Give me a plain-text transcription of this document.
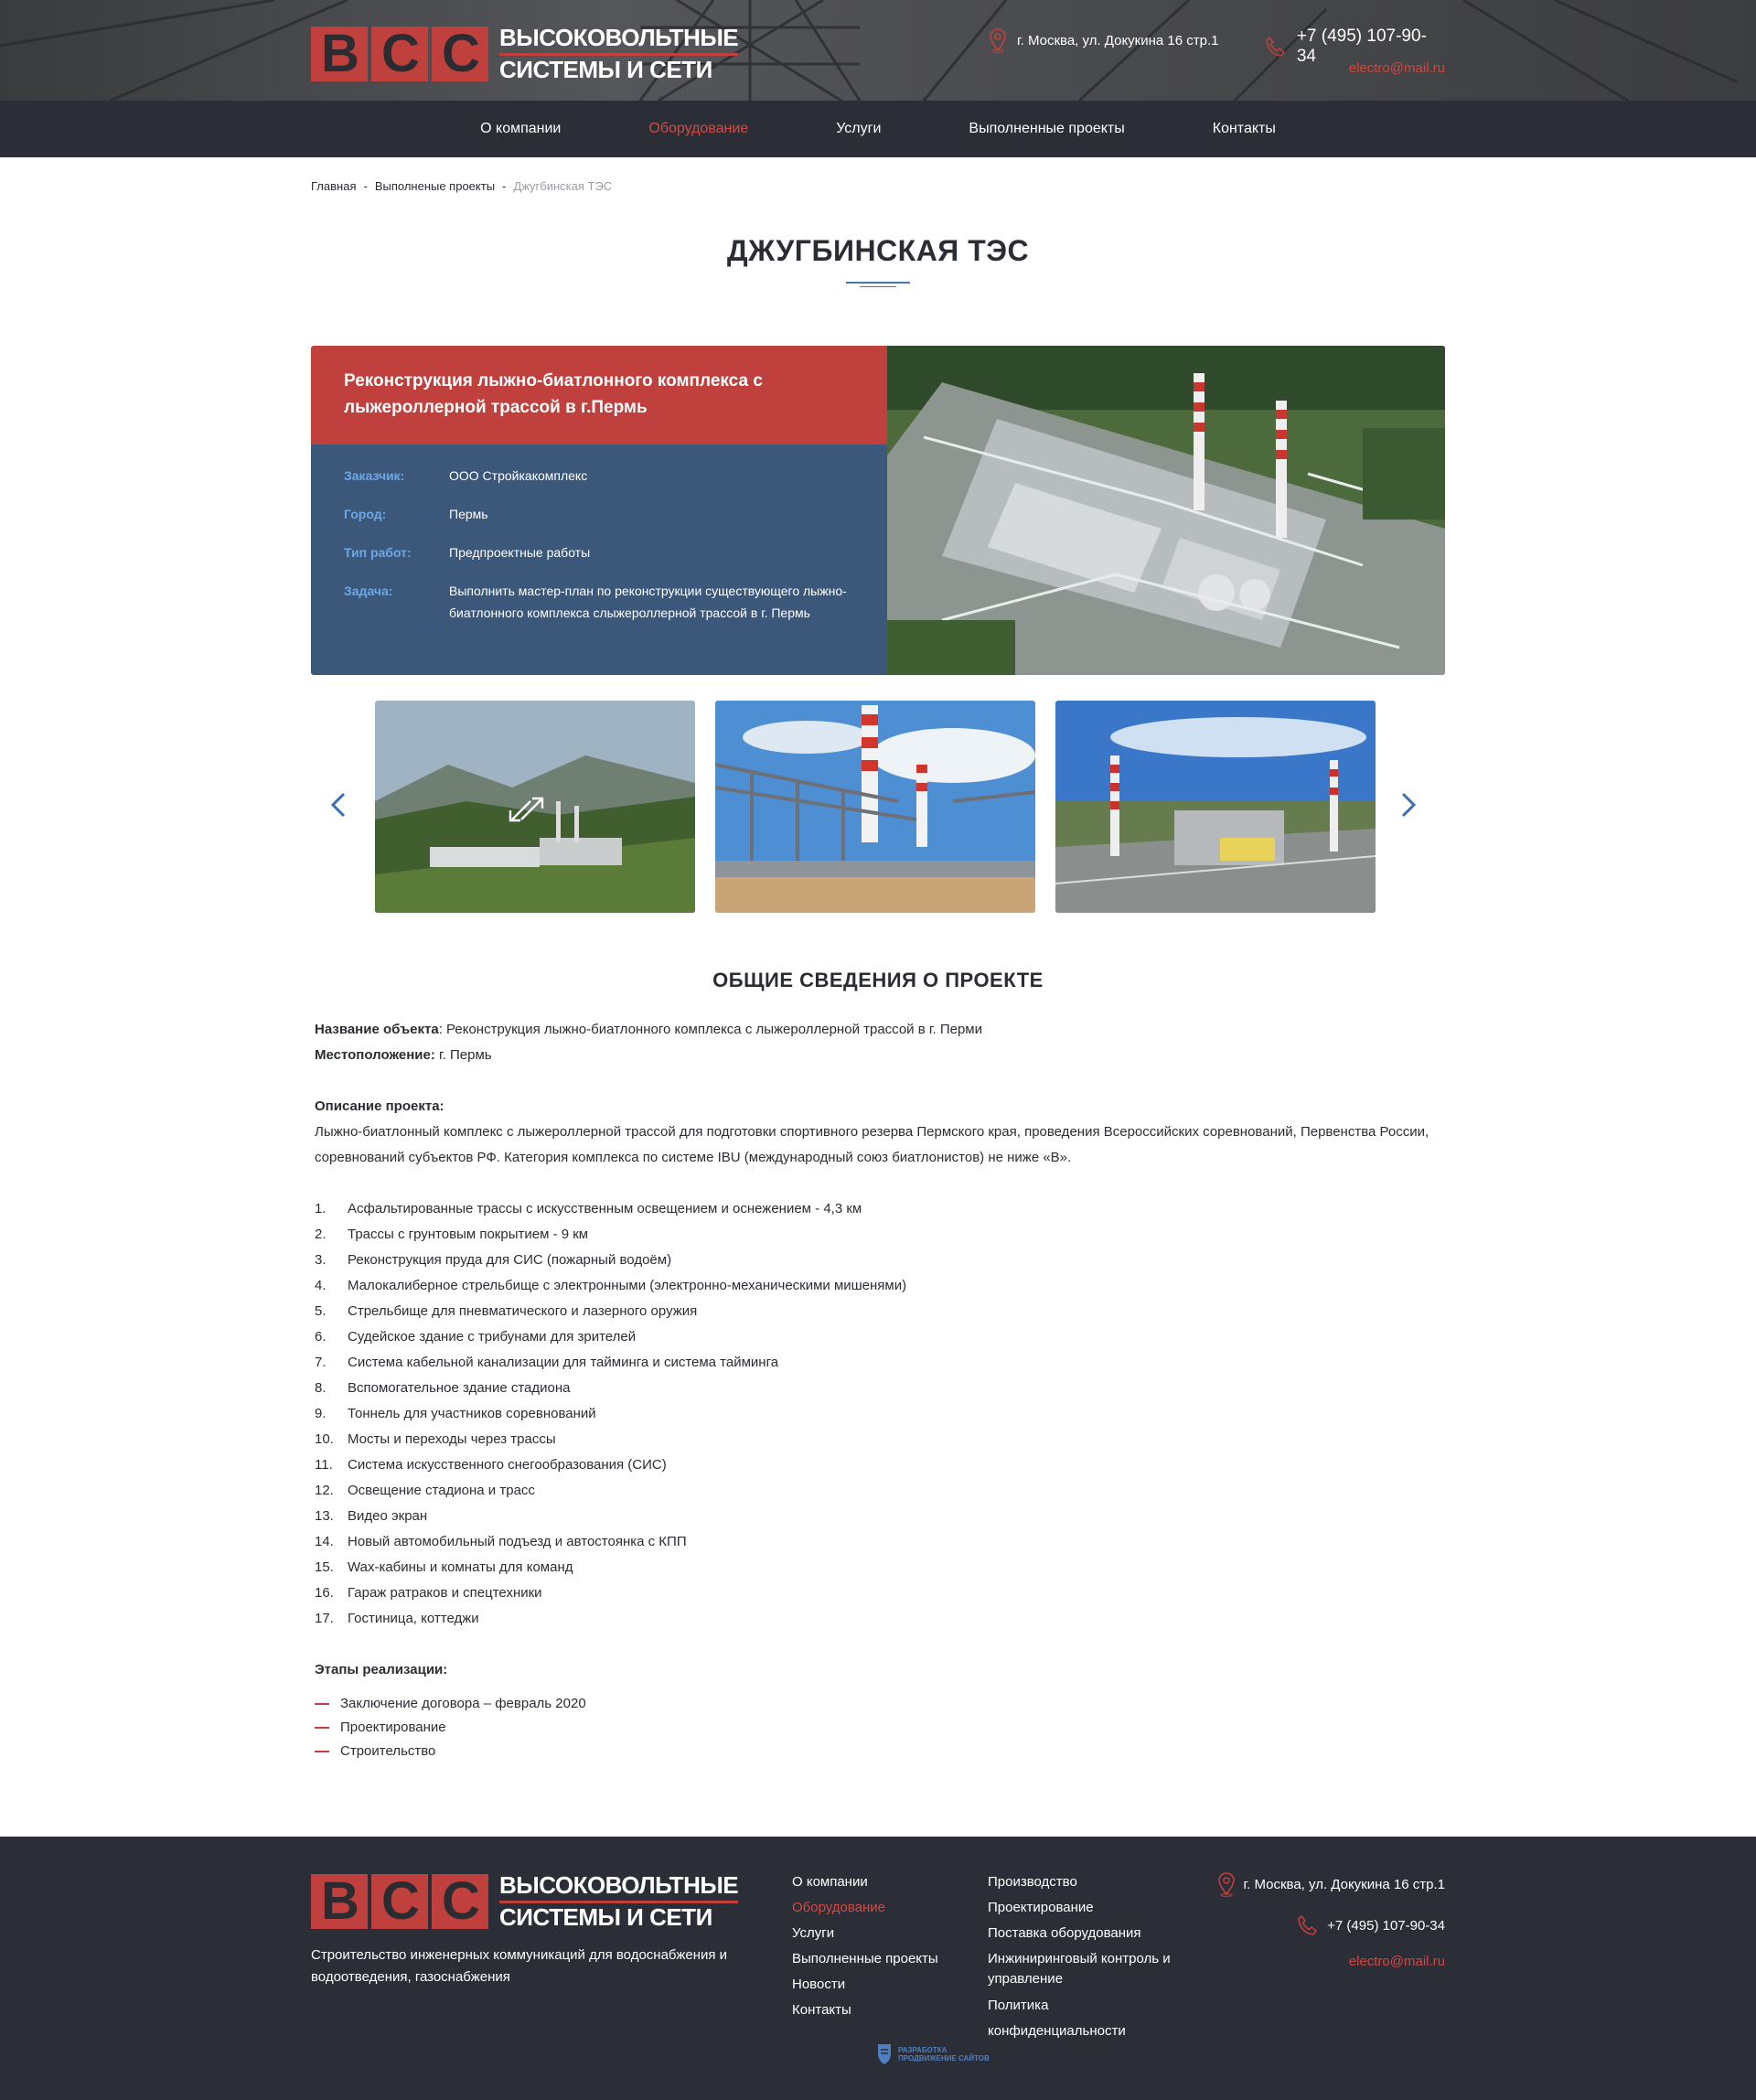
В С С ВЫСОКОВОЛЬТНЫЕ
СИСТЕМЫ И СЕТИ
г. Москва, ул. Докукина 16 стр.1	+7 (495) 107-90-34
electro@mail.ru
О компании	Оборудование	Услуги	Выполненные проекты	Контакты
Главная - Выполненые проекты - Джугбинская ТЭС
ДЖУГБИНСКАЯ ТЭС
Реконструкция лыжно-биатлонного комплекса с лыжероллерной трассой в г.Пермь
Заказчик:	ООО Стройкакомплекс
Город:	Пермь
Тип работ:	Предпроектные работы
Задача:	Выполнить мастер-план по реконструкции существующего лыжно-биатлонного комплекса слыжероллерной трассой в г. Пермь
ОБЩИЕ СВЕДЕНИЯ О ПРОЕКТЕ
Название объекта: Реконструкция лыжно-биатлонного комплекса с лыжероллерной трассой в г. Перми
Местоположение: г. Пермь
Описание проекта:
Лыжно-биатлонный комплекс с лыжероллерной трассой для подготовки спортивного резерва Пермского края, проведения Всероссийских соревнований, Первенства России, соревнований субъектов РФ. Категория комплекса по системе IBU (международный союз биатлонистов) не ниже «В».
1.	Асфальтированные трассы с искусственным освещением и оснежением - 4,3 км
2.	Трассы с грунтовым покрытием - 9 км
3.	Реконструкция пруда для СИС (пожарный водоём)
4.	Малокалиберное стрельбище с электронными (электронно-механическими мишенями)
5.	Стрельбище для пневматического и лазерного оружия
6.	Судейское здание с трибунами для зрителей
7.	Система кабельной канализации для тайминга и система тайминга
8.	Вспомогательное здание стадиона
9.	Тоннель для участников соревнований
10.	Мосты и переходы через трассы
11.	Система искусственного снегообразования (СИС)
12.	Освещение стадиона и трасс
13.	Видео экран
14.	Новый автомобильный подъезд и автостоянка с КПП
15.	Wax-кабины и комнаты для команд
16.	Гараж ратраков и спецтехники
17.	Гостиница, коттеджи
Этапы реализации:
Заключение договора – февраль 2020
Проектирование
Строительство
В С С ВЫСОКОВОЛЬТНЫЕ
СИСТЕМЫ И СЕТИ
Строительство инженерных коммуникаций для водоснабжения и водоотведения, газоснабжения
О компании
Оборудование
Услуги
Выполненные проекты
Новости
Контакты
Производство
Проектирование
Поставка оборудования
Инжиниринговый контроль и управление
Политика конфиденциальности
г. Москва, ул. Докукина 16 стр.1
+7 (495) 107-90-34
electro@mail.ru
РАЗРАБОТКА
ПРОДВИЖЕНИЕ САЙТОВ
